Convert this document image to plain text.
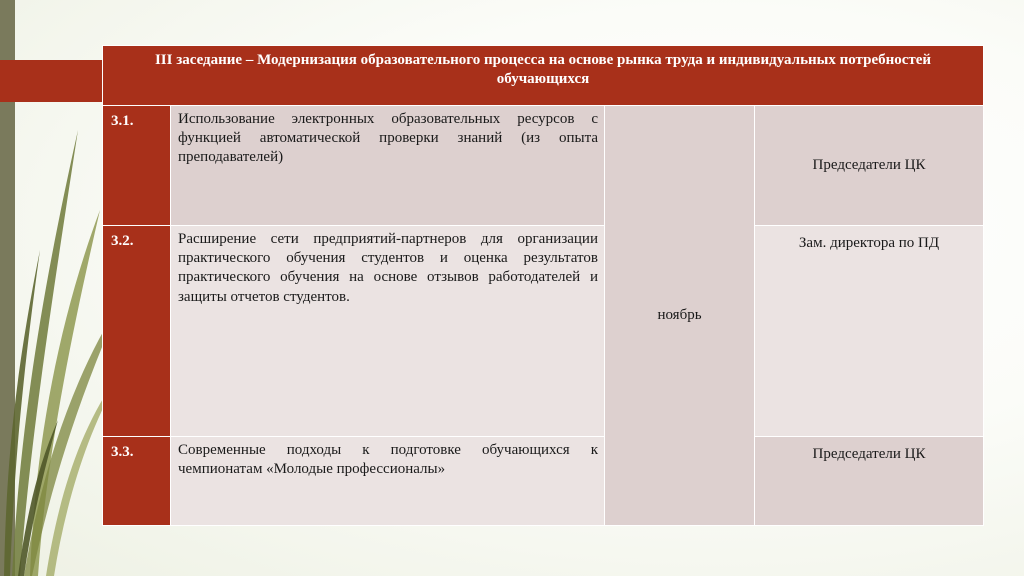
III заседание – Модернизация образовательного процесса на основе рынка труда и индивидуальных потребностей обучающихся			
3.1.	Использование электронных образовательных ресурсов с функцией автоматической проверки знаний (из опыта преподавателей)	ноябрь	Председатели ЦК
3.2.	Расширение сети предприятий-партнеров для организации практического обучения студентов и оценка результатов практического обучения на основе отзывов работодателей и защиты отчетов студентов.		Зам. директора по ПД
3.3.	Современные подходы к подготовке обучающихся к чемпионатам «Молодые профессионалы»		Председатели ЦК
